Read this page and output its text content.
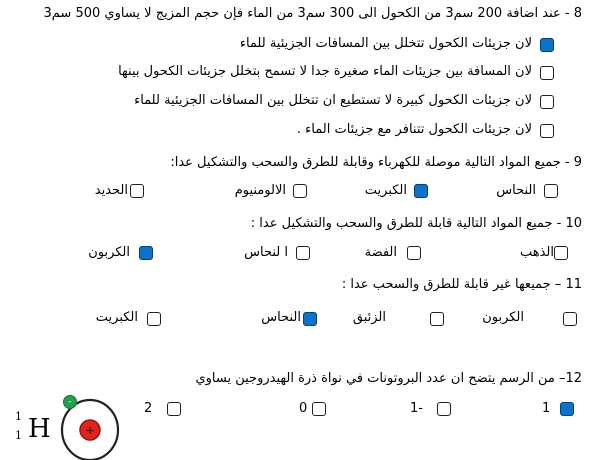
8 - عند اضافة 200 سم3 من الكحول الى 300 سم3 من الماء فإن حجم المزيج لا يساوي 500 سم3
لان جزيئات الكحول تتخلل بين المسافات الجزيئية للماء
لان المسافة بين جزيئات الماء صغيرة جدا لا تسمح بتخلل جزيئات الكحول بينها
لان جزيئات الكحول كبيرة لا تستطيع ان تتخلل بين المسافات الجزيئية للماء
لان جزيئات الكحول تتنافر مع جزيئات الماء .
9 - جميع المواد التالية موصلة للكهرباء وقابلة للطرق والسحب والتشكيل عدا:
النحاس
الكبريت
الالومنيوم
الحديد
10 - جميع المواد التالية قابلة للطرق والسحب والتشكيل عدا :
الذهب
الفضة
ا لنحاس
الكربون
11 – جميعها غير قابلة للطرق والسحب عدا :
الكربون
الزئبق
النحاس
الكبريت
12– من الرسم يتضح ان عدد البروتونات في نواة ذرة الهيدروجين يساوي
1
-1
0
2
1
1 H	+
-
